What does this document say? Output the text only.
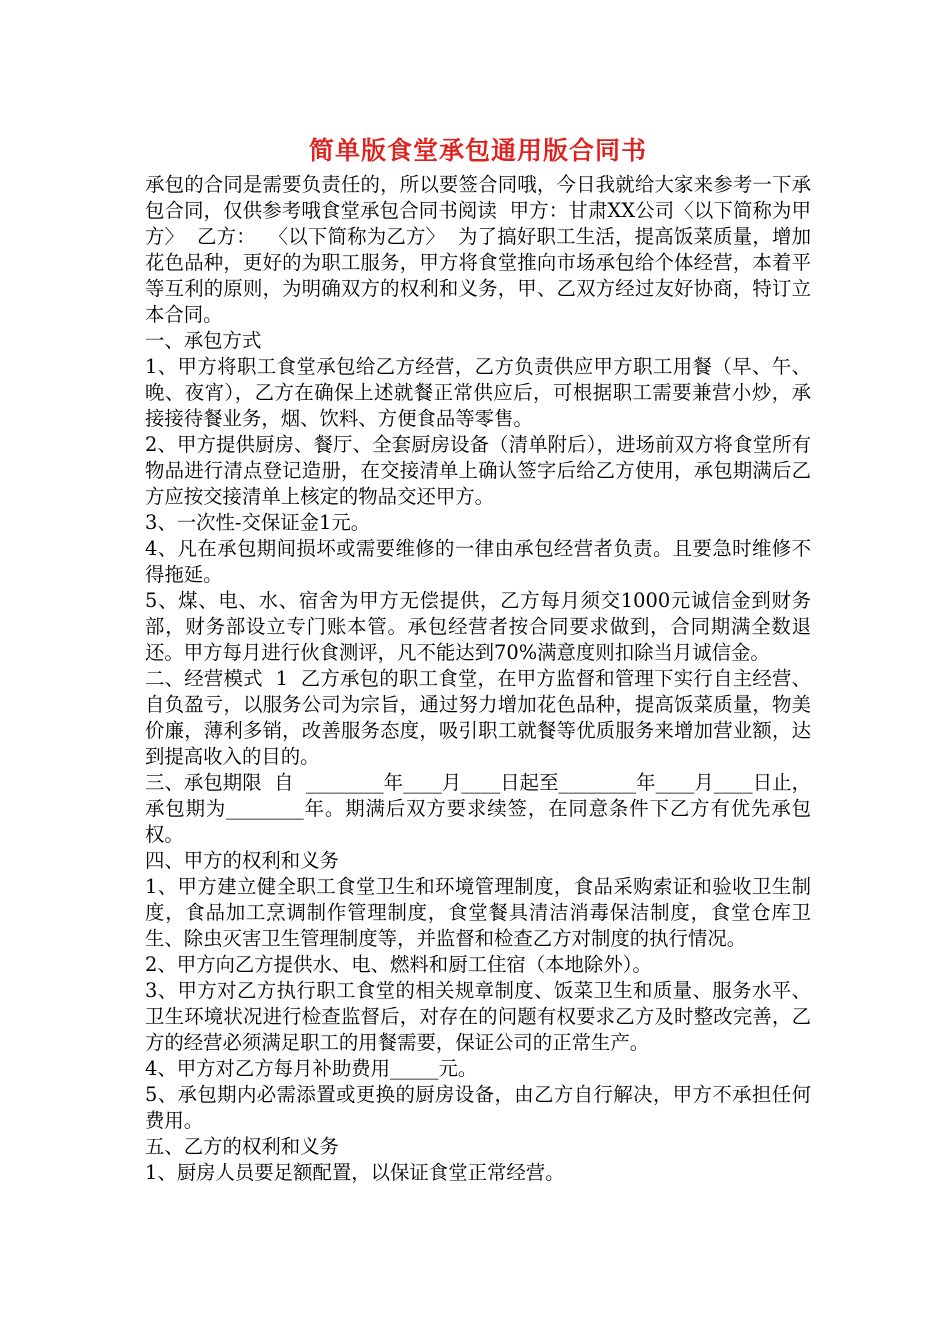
简单版食堂承包通用版合同书

承包的合同是需要负责任的，所以要签合同哦，今日我就给大家来参考一下承包合同，仅供参考哦食堂承包合同书阅读  甲方：甘肃XX公司〈以下简称为甲方〉  乙方：  〈以下简称为乙方〉  为了搞好职工生活，提高饭菜质量，增加花色品种，更好的为职工服务，甲方将食堂推向市场承包给个体经营，本着平等互利的原则，为明确双方的权利和义务，甲、乙双方经过友好协商，特订立本合同。

一、承包方式

1、甲方将职工食堂承包给乙方经营，乙方负责供应甲方职工用餐（早、午、晚、夜宵），乙方在确保上述就餐正常供应后，可根据职工需要兼营小炒，承接接待餐业务，烟、饮料、方便食品等零售。

2、甲方提供厨房、餐厅、全套厨房设备（清单附后），进场前双方将食堂所有物品进行清点登记造册，在交接清单上确认签字后给乙方使用，承包期满后乙方应按交接清单上核定的物品交还甲方。

3、一次性-交保证金1元。

4、凡在承包期间损坏或需要维修的一律由承包经营者负责。且要急时维修不得拖延。

5、煤、电、水、宿舍为甲方无偿提供，乙方每月须交1000元诚信金到财务部，财务部设立专门账本管。承包经营者按合同要求做到，合同期满全数退还。甲方每月进行伙食测评，凡不能达到70%满意度则扣除当月诚信金。

二、经营模式  1  乙方承包的职工食堂，在甲方监督和管理下实行自主经营、自负盈亏，以服务公司为宗旨，通过努力增加花色品种，提高饭菜质量，物美价廉，薄利多销，改善服务态度，吸引职工就餐等优质服务来增加营业额，达到提高收入的目的。

三、承包期限  自  ________年____月____日起至________年____月____日止，承包期为________年。期满后双方要求续签，在同意条件下乙方有优先承包权。

四、甲方的权利和义务

1、甲方建立健全职工食堂卫生和环境管理制度，食品采购索证和验收卫生制度，食品加工烹调制作管理制度，食堂餐具清洁消毒保洁制度，食堂仓库卫生、除虫灭害卫生管理制度等，并监督和检查乙方对制度的执行情况。

2、甲方向乙方提供水、电、燃料和厨工住宿（本地除外）。

3、甲方对乙方执行职工食堂的相关规章制度、饭菜卫生和质量、服务水平、卫生环境状况进行检查监督后，对存在的问题有权要求乙方及时整改完善，乙方的经营必须满足职工的用餐需要，保证公司的正常生产。

4、甲方对乙方每月补助费用_____元。

5、承包期内必需添置或更换的厨房设备，由乙方自行解决，甲方不承担任何费用。

五、乙方的权利和义务

1、厨房人员要足额配置，以保证食堂正常经营。
